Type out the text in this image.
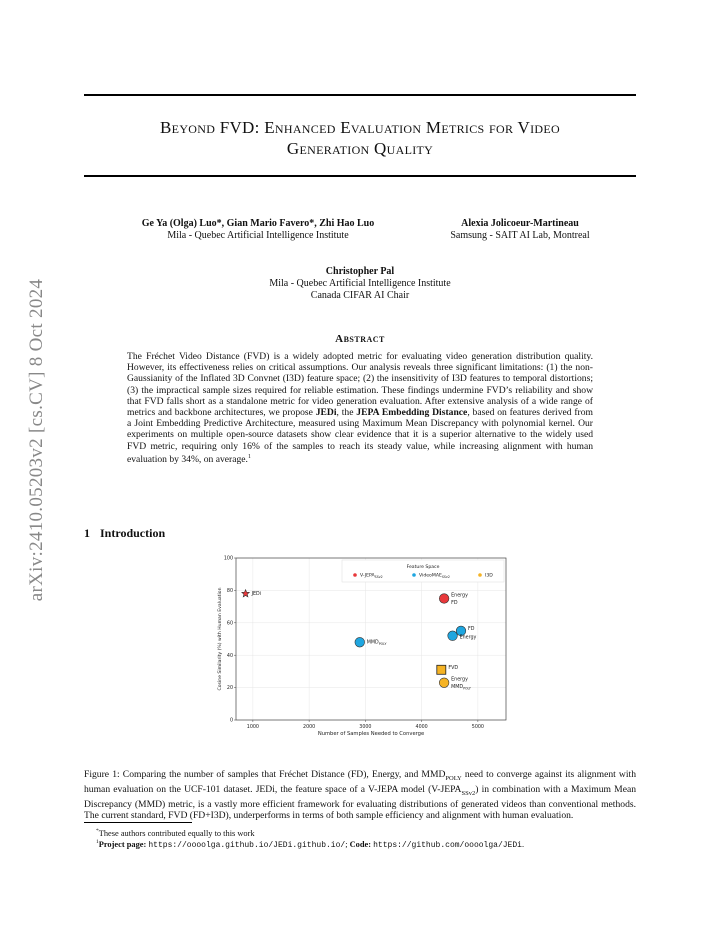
arXiv:2410.05203v2 [cs.CV] 8 Oct 2024
Beyond FVD: Enhanced Evaluation Metrics for Video
Generation Quality
Ge Ya (Olga) Luo*, Gian Mario Favero*, Zhi Hao Luo
Mila - Quebec Artificial Intelligence Institute
Alexia Jolicoeur-Martineau
Samsung - SAIT AI Lab, Montreal
Christopher Pal
Mila - Quebec Artificial Intelligence Institute
Canada CIFAR AI Chair
Abstract
The Fréchet Video Distance (FVD) is a widely adopted metric for evaluating video generation distribution quality. However, its effectiveness relies on critical assumptions. Our analysis reveals three significant limitations: (1) the non-Gaussianity of the Inflated 3D Convnet (I3D) feature space; (2) the insensitivity of I3D features to temporal distortions; (3) the impractical sample sizes required for reliable estimation. These findings undermine FVD’s reliability and show that FVD falls short as a standalone metric for video generation evaluation. After extensive analysis of a wide range of metrics and backbone architectures, we propose JEDi, the JEPA Embedding Distance, based on features derived from a Joint Embedding Predictive Architecture, measured using Maximum Mean Discrepancy with polynomial kernel. Our experiments on multiple open-source datasets show clear evidence that it is a superior alternative to the widely used FVD metric, requiring only 16% of the samples to reach its steady value, while increasing alignment with human evaluation by 34%, on average.$^1$
1 Introduction
1000	2000	3000	4000	5000
0
20
40
60
80
100
Number of Samples Needed to Converge
Cosine Similarity (%) with Human Evaluation
Feature Space
$V-JEPA_{SSv2}$	VideoMAE$_{SSv2}$	I3D
JEDi	Energy
FD
$MMD_{POLY}$
FD
Energy
FVD
Energy
$MMD_{POLY}$
Figure 1: Comparing the number of samples that Fréchet Distance (FD), Energy, and $MMD_{POLY}$ need to converge against its alignment with human evaluation on the UCF-101 dataset. JEDi, the feature space of a V-JEPA model $(V-JEPA_{SSv2})$ in combination with a Maximum Mean Discrepancy (MMD) metric, is a vastly more efficient framework for evaluating distributions of generated videos than conventional methods. The current standard, FVD (FD+I3D), underperforms in terms of both sample efficiency and alignment with human evaluation.
*These authors contributed equally to this work
$^1$Project page: https://oooolga.github.io/JEDi.github.io/; Code: https://github.com/oooolga/JEDi.
